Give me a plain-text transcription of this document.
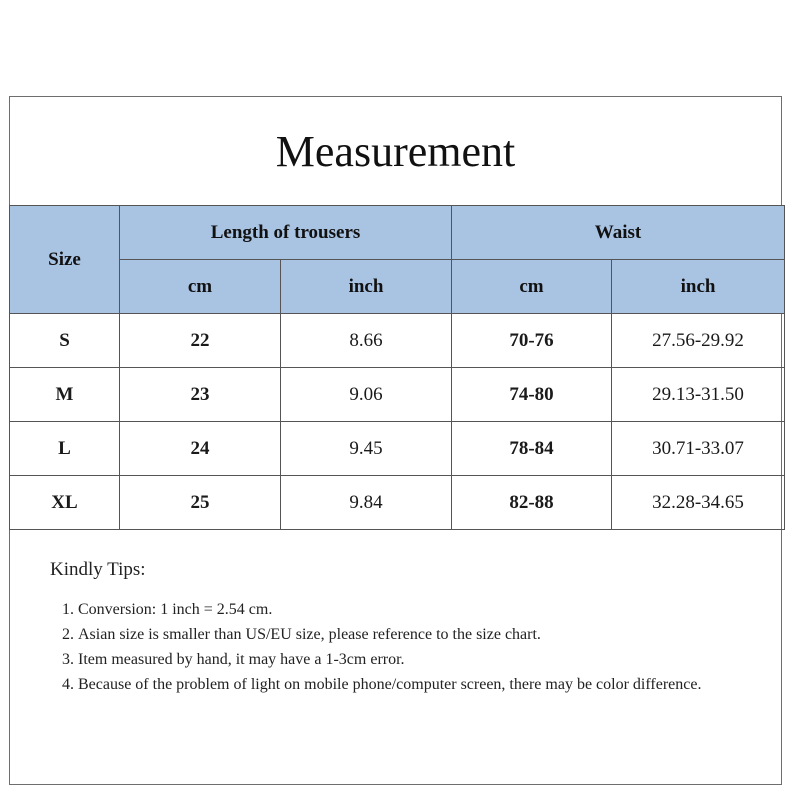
Measurement
Size	Length of trousers		Waist	
	cm	inch	cm	inch
S	22	8.66	70-76	27.56-29.92
M	23	9.06	74-80	29.13-31.50
L	24	9.45	78-84	30.71-33.07
XL	25	9.84	82-88	32.28-34.65
Kindly Tips:
1. Conversion: 1 inch = 2.54 cm.
2. Asian size is smaller than US/EU size, please reference to the size chart.
3. Item measured by hand, it may have a 1-3cm error.
4. Because of the problem of light on mobile phone/computer screen, there may be color difference.
